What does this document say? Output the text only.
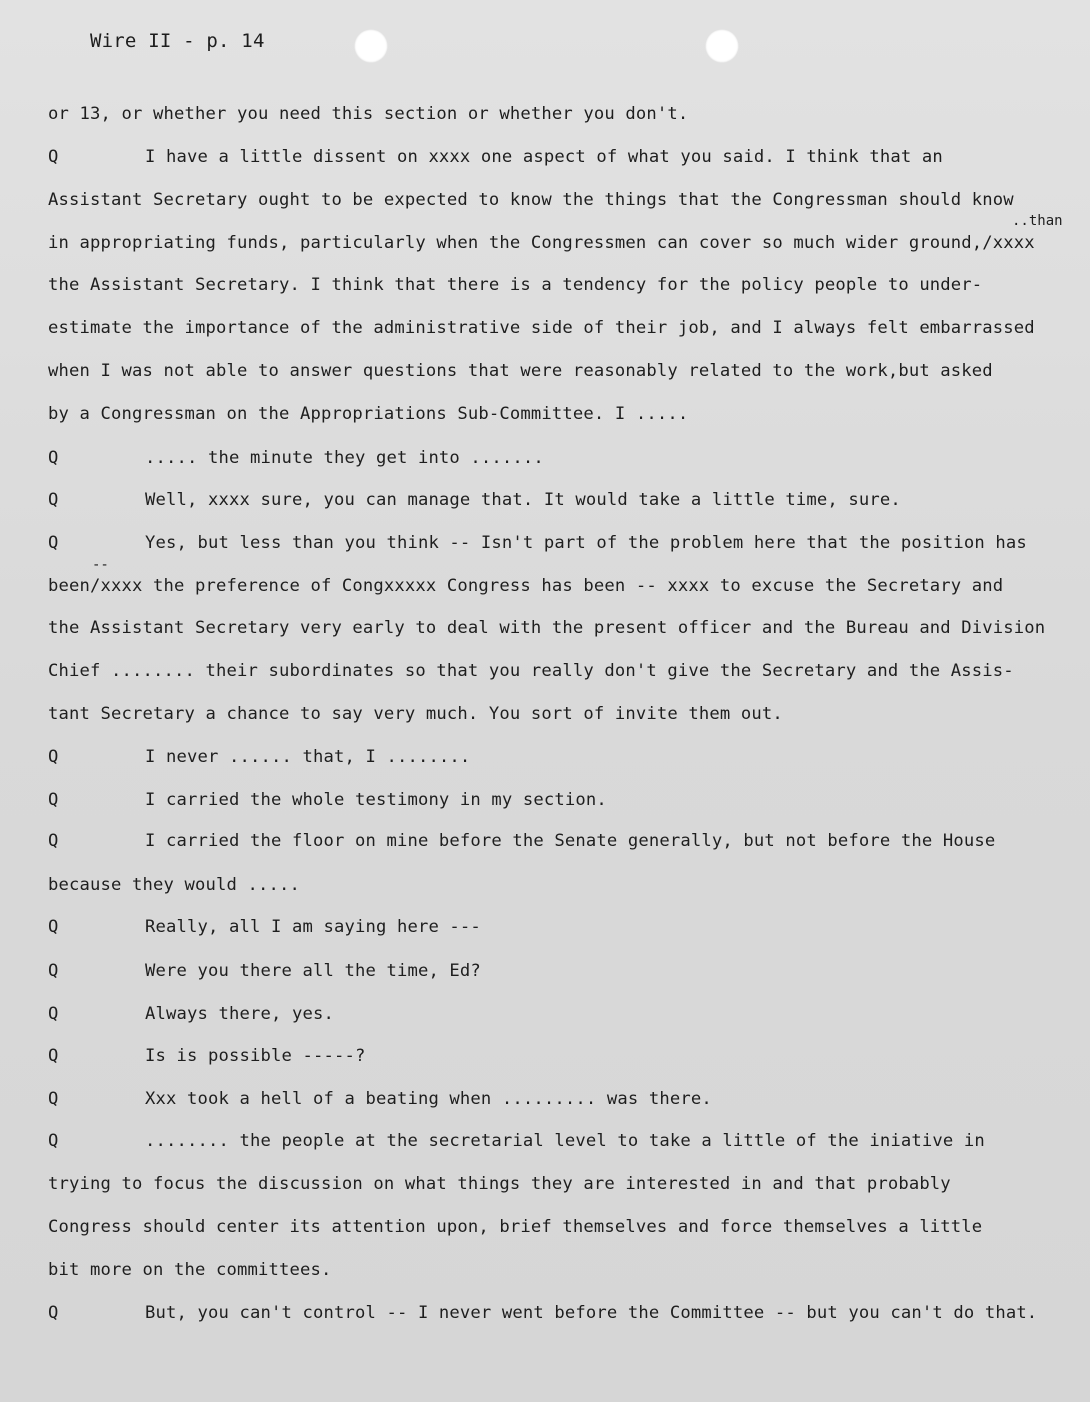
Wire II - p. 14
..than
--
or 13, or whether you need this section or whether you don't.
Q	I have a little dissent on xxxx one aspect of what you said. I think that an
Assistant Secretary ought to be expected to know the things that the Congressman should know
in appropriating funds, particularly when the Congressmen can cover so much wider ground,/xxxx
the Assistant Secretary. I think that there is a tendency for the policy people to under-
estimate the importance of the administrative side of their job, and I always felt embarrassed
when I was not able to answer questions that were reasonably related to the work,but asked
by a Congressman on the Appropriations Sub-Committee. I .....
Q	..... the minute they get into .......
Q	Well, xxxx sure, you can manage that. It would take a little time, sure.
Q	Yes, but less than you think -- Isn't part of the problem here that the position has
been/xxxx the preference of Congxxxxx Congress has been -- xxxx to excuse the Secretary and
the Assistant Secretary very early to deal with the present officer and the Bureau and Division
Chief ........ their subordinates so that you really don't give the Secretary and the Assis-
tant Secretary a chance to say very much. You sort of invite them out.
Q	I never ...... that, I ........
Q	I carried the whole testimony in my section.
Q	I carried the floor on mine before the Senate generally, but not before the House
because they would .....
Q	Really, all I am saying here ---
Q	Were you there all the time, Ed?
Q	Always there, yes.
Q	Is is possible -----?
Q	Xxx took a hell of a beating when ......... was there.
Q	........ the people at the secretarial level to take a little of the iniative in
trying to focus the discussion on what things they are interested in and that probably
Congress should center its attention upon, brief themselves and force themselves a little
bit more on the committees.
Q	But, you can't control -- I never went before the Committee -- but you can't do that.
